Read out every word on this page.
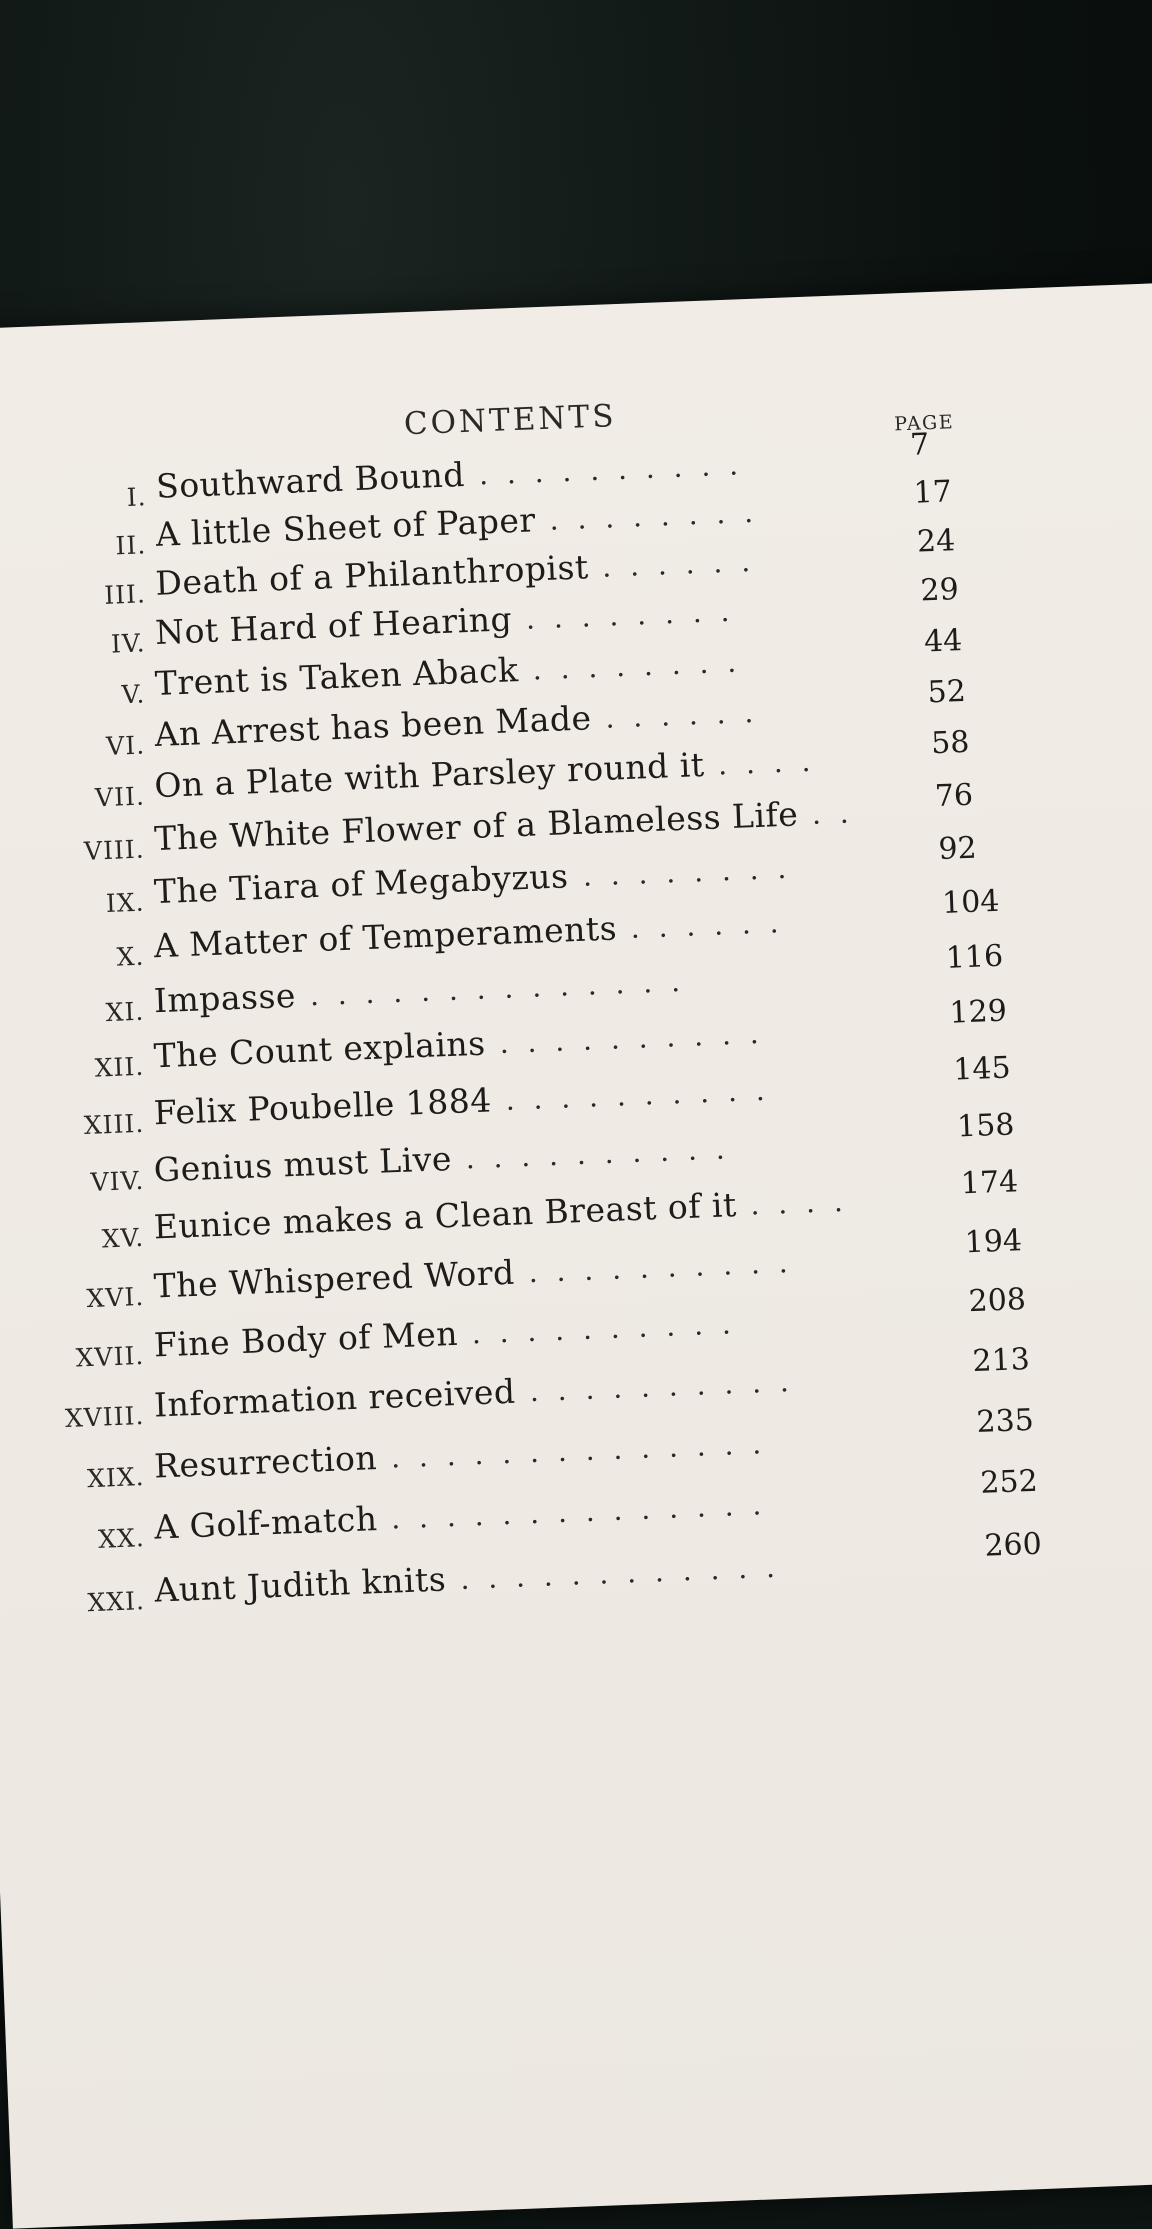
CONTENTS	PAGE
I. Southward Bound . . . . . . . . . .
7
II. A little Sheet of Paper . . . . . . . .
17
III. Death of a Philanthropist . . . . . .
24
IV. Not Hard of Hearing . . . . . . . .
29
V. Trent is Taken Aback . . . . . . . .
44
VI. An Arrest has been Made . . . . . .
52
VII. On a Plate with Parsley round it . . . .
58
VIII. The White Flower of a Blameless Life . .	76
IX. The Tiara of Megabyzus . . . . . . . .
92
X. A Matter of Temperaments . . . . . .
104
XI. Impasse . . . . . . . . . . . . . .
116
XII. The Count explains . . . . . . . . . .
129
XIII. Felix Poubelle 1884 . . . . . . . . . .
145
VIV. Genius must Live . . . . . . . . . .
158
XV. Eunice makes a Clean Breast of it . . . .
174
XVI. The Whispered Word . . . . . . . . . .
194
XVII. Fine Body of Men . . . . . . . . . .
208
XVIII. Information received . . . . . . . . . .
213
XIX. Resurrection . . . . . . . . . . . . . .
235
XX. A Golf-match . . . . . . . . . . . . . .
252
XXI. Aunt Judith knits . . . . . . . . . . . .
260
